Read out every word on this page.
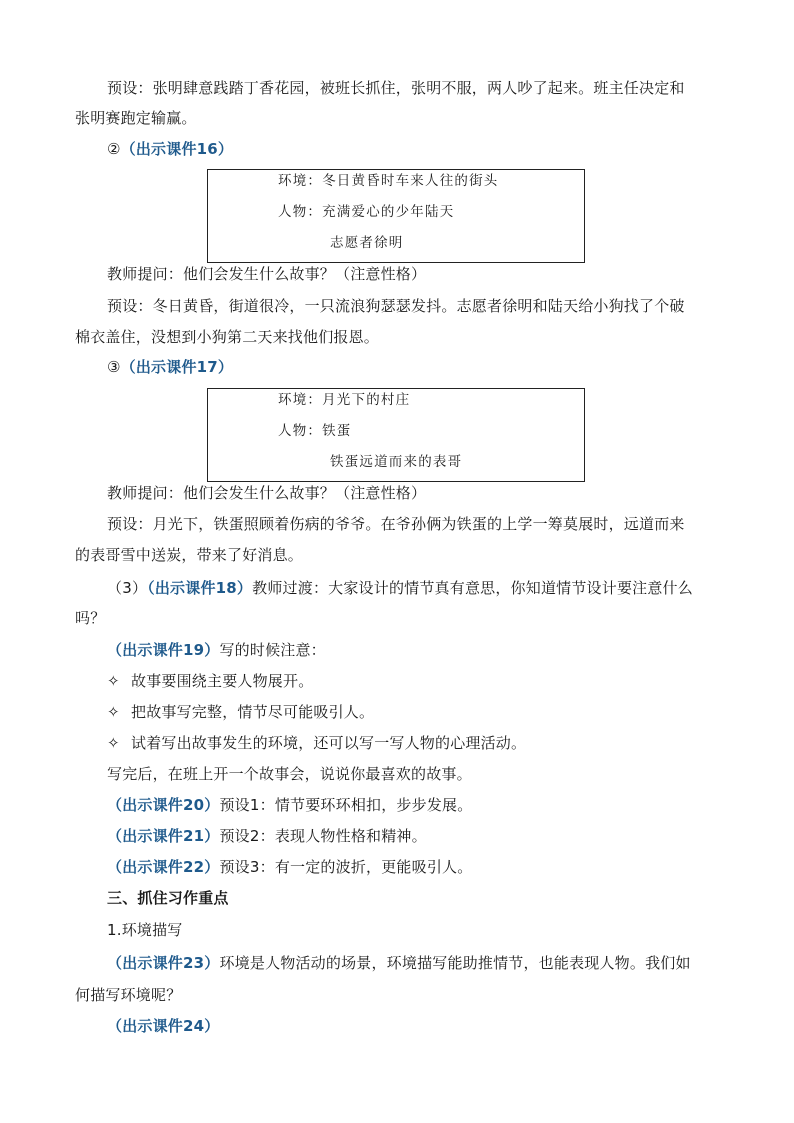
预设：张明肆意践踏丁香花园，被班长抓住，张明不服，两人吵了起来。班主任决定和
张明赛跑定输赢。
②（出示课件16）
环境：冬日黄昏时车来人往的街头
人物：充满爱心的少年陆天
志愿者徐明
教师提问：他们会发生什么故事？（注意性格）
预设：冬日黄昏，街道很冷，一只流浪狗瑟瑟发抖。志愿者徐明和陆天给小狗找了个破
棉衣盖住，没想到小狗第二天来找他们报恩。
③（出示课件17）
环境：月光下的村庄
人物：铁蛋
铁蛋远道而来的表哥
教师提问：他们会发生什么故事？（注意性格）
预设：月光下，铁蛋照顾着伤病的爷爷。在爷孙俩为铁蛋的上学一筹莫展时，远道而来
的表哥雪中送炭，带来了好消息。
（3）（出示课件18）教师过渡：大家设计的情节真有意思，你知道情节设计要注意什么
吗？
（出示课件19）写的时候注意：
✧ 故事要围绕主要人物展开。
✧ 把故事写完整，情节尽可能吸引人。
✧ 试着写出故事发生的环境，还可以写一写人物的心理活动。
写完后，在班上开一个故事会，说说你最喜欢的故事。
（出示课件20）预设1：情节要环环相扣，步步发展。
（出示课件21）预设2：表现人物性格和精神。
（出示课件22）预设3：有一定的波折，更能吸引人。
三、抓住习作重点
1.环境描写
（出示课件23）环境是人物活动的场景，环境描写能助推情节，也能表现人物。我们如
何描写环境呢？
（出示课件24）
